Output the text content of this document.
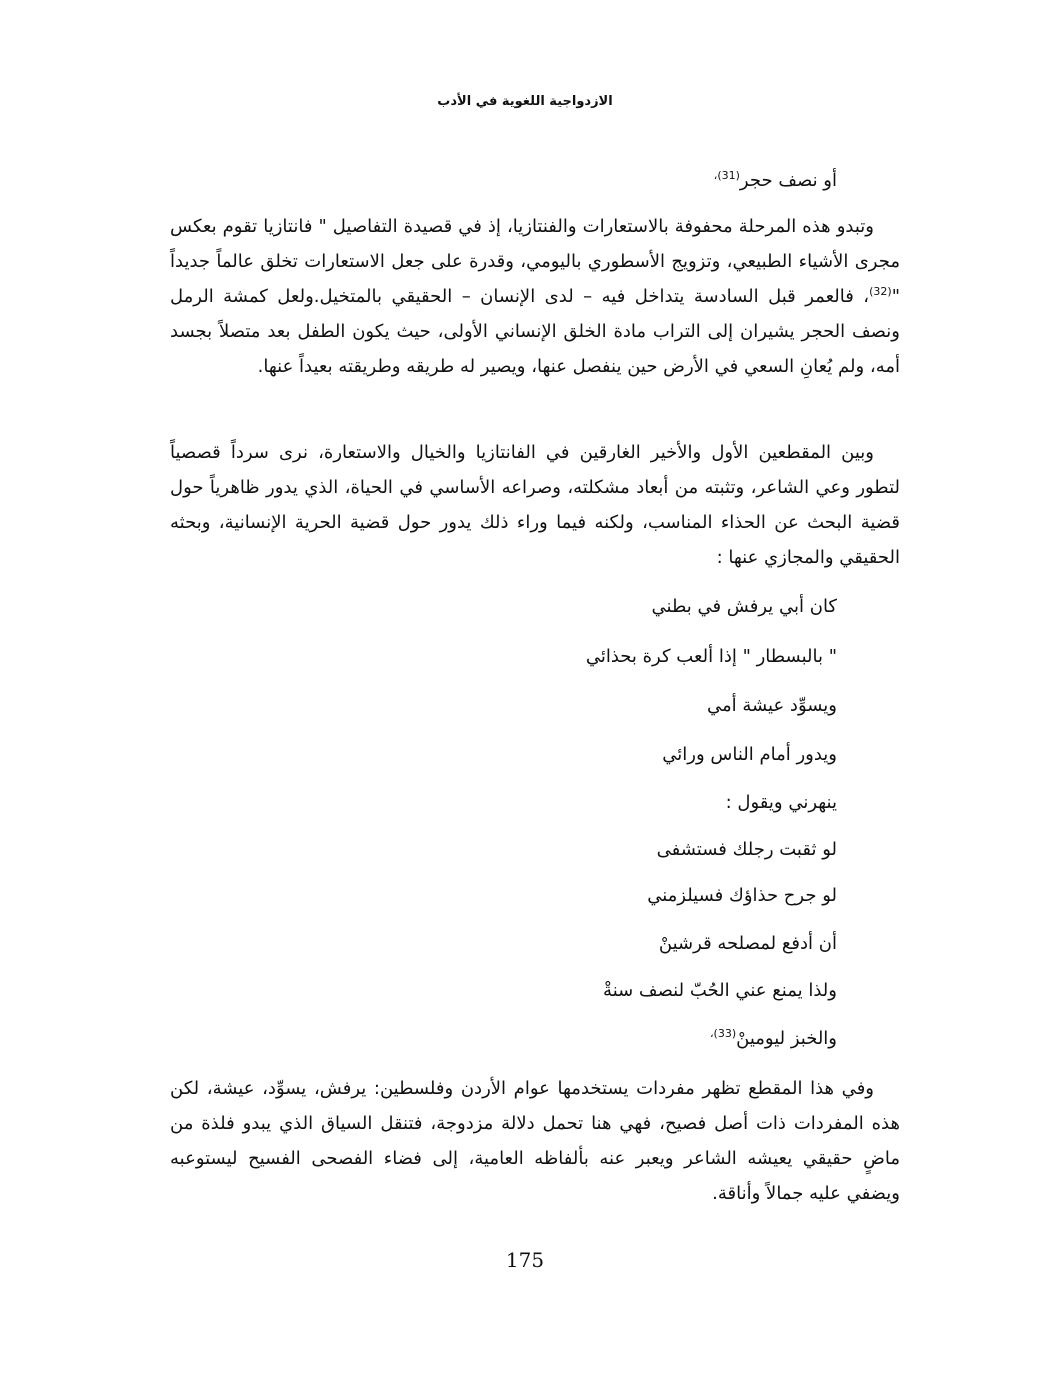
الازدواجية اللغوية في الأدب
أو نصف حجر$^{(31)،}$

وتبدو هذه المرحلة محفوفة بالاستعارات والفنتازيا، إذ في قصيدة التفاصيل " فانتازيا تقوم بعكس مجرى الأشياء الطبيعي، وتزويج الأسطوري باليومي، وقدرة على جعل الاستعارات تخلق عالماً جديداً "$^{(32)}$، فالعمر قبل السادسة يتداخل فيه – لدى الإنسان – الحقيقي بالمتخيل.ولعل كمشة الرمل ونصف الحجر يشيران إلى التراب مادة الخلق الإنساني الأولى، حيث يكون الطفل بعد متصلاً بجسد أمه، ولم يُعانِ السعي في الأرض حين ينفصل عنها، ويصير له طريقه وطريقته بعيداً عنها.

وبين المقطعين الأول والأخير الغارقين في الفانتازيا والخيال والاستعارة، نرى سرداً قصصياً لتطور وعي الشاعر، وتثبته من أبعاد مشكلته، وصراعه الأساسي في الحياة، الذي يدور ظاهرياً حول قضية البحث عن الحذاء المناسب، ولكنه فيما وراء ذلك يدور حول قضية الحرية الإنسانية، وبحثه الحقيقي والمجازي عنها :

كان أبي يرفش في بطني
" بالبسطار " إذا ألعب كرة بحذائي
ويسوِّد عيشة أمي
ويدور أمام الناس ورائي
ينهرني ويقول :
لو ثقبت رجلك فستشفى
لو جرح حذاؤك فسيلزمني
أن أدفع لمصلحه قرشينْ
ولذا يمنع عني الحُبّ لنصف سنةْ
والخبز ليومينْ$^{(33)،}$

وفي هذا المقطع تظهر مفردات يستخدمها عوام الأردن وفلسطين: يرفش، يسوِّد، عيشة، لكن هذه المفردات ذات أصل فصيح، فهي هنا تحمل دلالة مزدوجة، فتنقل السياق الذي يبدو فلذة من ماضٍ حقيقي يعيشه الشاعر ويعبر عنه بألفاظه العامية، إلى فضاء الفصحى الفسيح ليستوعبه ويضفي عليه جمالاً وأناقة.

175
